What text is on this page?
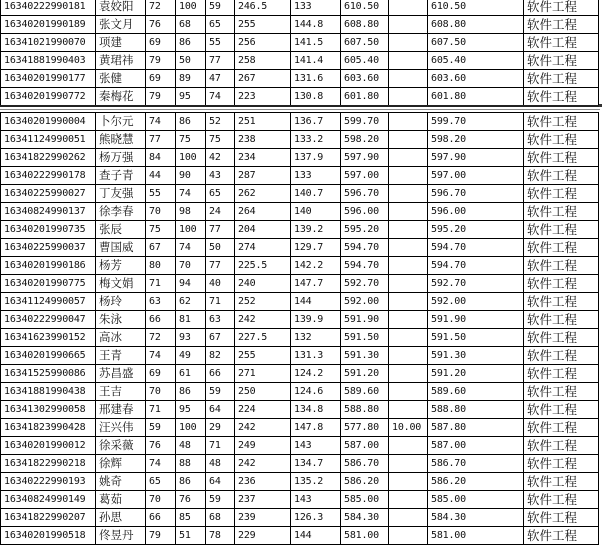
16340222990181	袁姣阳	72	100	59	246.5	133	610.50		610.50	软件工程
16340201990189	张文月	76	68	65	255	144.8	608.80		608.80	软件工程
16341021990070	项建	69	86	55	256	141.5	607.50		607.50	软件工程
16341881990403	黄珺祎	79	50	77	258	141.4	605.40		605.40	软件工程
16340201990177	张健	69	89	47	267	131.6	603.60		603.60	软件工程
16340201990772	秦梅花	79	95	74	223	130.8	601.80		601.80	软件工程
16340201990004	卜尔元	74	86	52	251	136.7	599.70		599.70	软件工程
16341124990051	熊晓慧	77	75	75	238	133.2	598.20		598.20	软件工程
16341822990262	杨万强	84	100	42	234	137.9	597.90		597.90	软件工程
16340222990178	查子青	44	90	43	287	133	597.00		597.00	软件工程
16340225990027	丁友强	55	74	65	262	140.7	596.70		596.70	软件工程
16340824990137	徐李春	70	98	24	264	140	596.00		596.00	软件工程
16340201990735	张辰	75	100	77	204	139.2	595.20		595.20	软件工程
16340225990037	曹国威	67	74	50	274	129.7	594.70		594.70	软件工程
16340201990186	杨芳	80	70	77	225.5	142.2	594.70		594.70	软件工程
16340201990775	梅文娟	71	94	40	240	147.7	592.70		592.70	软件工程
16341124990057	杨玲	63	62	71	252	144	592.00		592.00	软件工程
16340222990047	朱泳	66	81	63	242	139.9	591.90		591.90	软件工程
16341623990152	高冰	72	93	67	227.5	132	591.50		591.50	软件工程
16340201990665	王青	74	49	82	255	131.3	591.30		591.30	软件工程
16341525990086	苏昌盛	69	61	66	271	124.2	591.20		591.20	软件工程
16341881990438	王吉	70	86	59	250	124.6	589.60		589.60	软件工程
16341302990058	邢建春	71	95	64	224	134.8	588.80		588.80	软件工程
16341823990428	汪兴伟	59	100	29	242	147.8	577.80	10.00	587.80	软件工程
16340201990012	徐采薇	76	48	71	249	143	587.00		587.00	软件工程
16341822990218	徐辉	74	88	48	242	134.7	586.70		586.70	软件工程
16340222990193	姚奇	65	86	64	236	135.2	586.20		586.20	软件工程
16340824990149	葛茹	70	76	59	237	143	585.00		585.00	软件工程
16341822990207	孙思	66	85	68	239	126.3	584.30		584.30	软件工程
16340201990518	佟昱丹	79	51	78	229	144	581.00		581.00	软件工程
